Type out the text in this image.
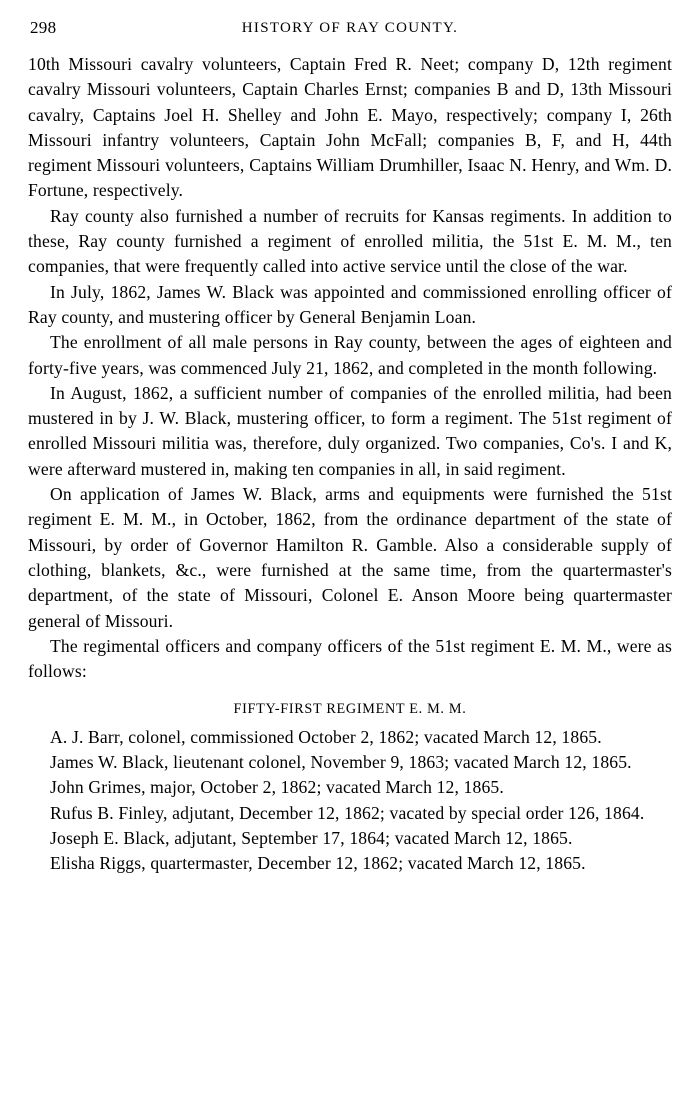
298	HISTORY OF RAY COUNTY.

10th Missouri cavalry volunteers, Captain Fred R. Neet; company D, 12th regiment cavalry Missouri volunteers, Captain Charles Ernst; companies B and D, 13th Missouri cavalry, Captains Joel H. Shelley and John E. Mayo, respectively; company I, 26th Missouri infantry volunteers, Captain John McFall; companies B, F, and H, 44th regiment Missouri volunteers, Captains William Drumhiller, Isaac N. Henry, and Wm. D. Fortune, respectively.

Ray county also furnished a number of recruits for Kansas regiments. In addition to these, Ray county furnished a regiment of enrolled militia, the 51st E. M. M., ten companies, that were frequently called into active service until the close of the war.

In July, 1862, James W. Black was appointed and commissioned enrolling officer of Ray county, and mustering officer by General Benjamin Loan.

The enrollment of all male persons in Ray county, between the ages of eighteen and forty-five years, was commenced July 21, 1862, and completed in the month following.

In August, 1862, a sufficient number of companies of the enrolled militia, had been mustered in by J. W. Black, mustering officer, to form a regiment. The 51st regiment of enrolled Missouri militia was, therefore, duly organized. Two companies, Co's. I and K, were afterward mustered in, making ten companies in all, in said regiment.

On application of James W. Black, arms and equipments were furnished the 51st regiment E. M. M., in October, 1862, from the ordinance department of the state of Missouri, by order of Governor Hamilton R. Gamble. Also a considerable supply of clothing, blankets, &c., were furnished at the same time, from the quartermaster's department, of the state of Missouri, Colonel E. Anson Moore being quartermaster general of Missouri.

The regimental officers and company officers of the 51st regiment E. M. M., were as follows:

FIFTY-FIRST REGIMENT E. M. M.

A. J. Barr, colonel, commissioned October 2, 1862; vacated March 12, 1865.

James W. Black, lieutenant colonel, November 9, 1863; vacated March 12, 1865.

John Grimes, major, October 2, 1862; vacated March 12, 1865.

Rufus B. Finley, adjutant, December 12, 1862; vacated by special order 126, 1864.

Joseph E. Black, adjutant, September 17, 1864; vacated March 12, 1865.

Elisha Riggs, quartermaster, December 12, 1862; vacated March 12, 1865.
